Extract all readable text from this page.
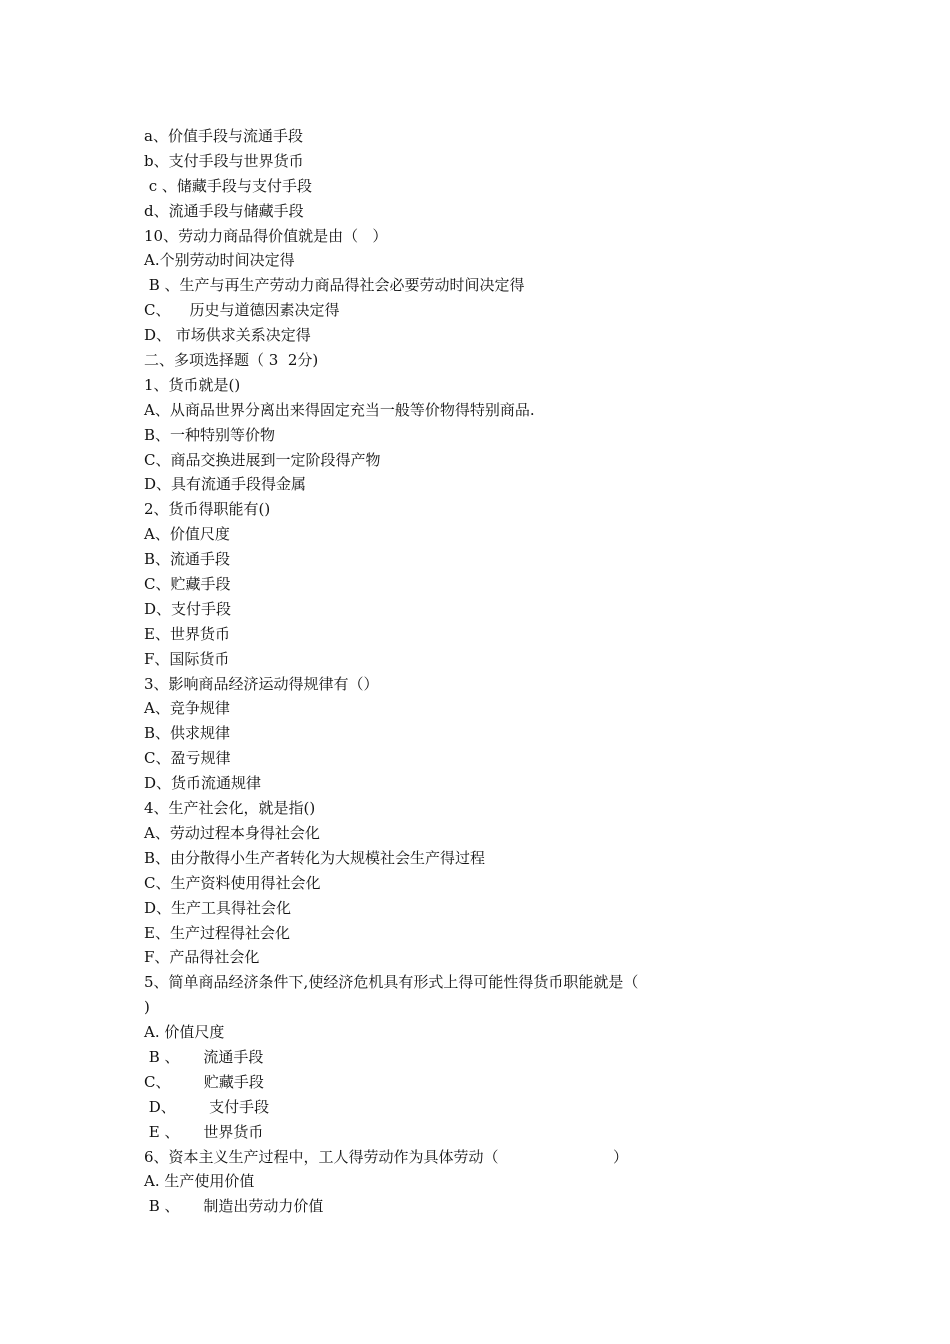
a、价值手段与流通手段
b、支付手段与世界货币
c 、储藏手段与支付手段
d、流通手段与储藏手段
10、劳动力商品得价值就是由（   ）
A.个别劳动时间决定得
B 、生产与再生产劳动力商品得社会必要劳动时间决定得
C、    历史与道德因素决定得
D、 市场供求关系决定得
二、多项选择题（ 3  2分)
1、货币就是()
A、从商品世界分离出来得固定充当一般等价物得特别商品.
B、一种特别等价物
C、商品交换进展到一定阶段得产物
D、具有流通手段得金属
2、货币得职能有()
A、价值尺度
B、流通手段
C、贮藏手段
D、支付手段
E、世界货币
F、国际货币
3、影响商品经济运动得规律有（）
A、竞争规律
B、供求规律
C、盈亏规律
D、货币流通规律
4、生产社会化，就是指()
A、劳动过程本身得社会化
B、由分散得小生产者转化为大规模社会生产得过程
C、生产资料使用得社会化
D、生产工具得社会化
E、生产过程得社会化
F、产品得社会化
5、简单商品经济条件下,使经济危机具有形式上得可能性得货币职能就是（
)
A. 价值尺度
B 、     流通手段
C、       贮藏手段
D、       支付手段
E 、     世界货币
6、资本主义生产过程中，工人得劳动作为具体劳动（                        ）
A. 生产使用价值
B 、     制造出劳动力价值
